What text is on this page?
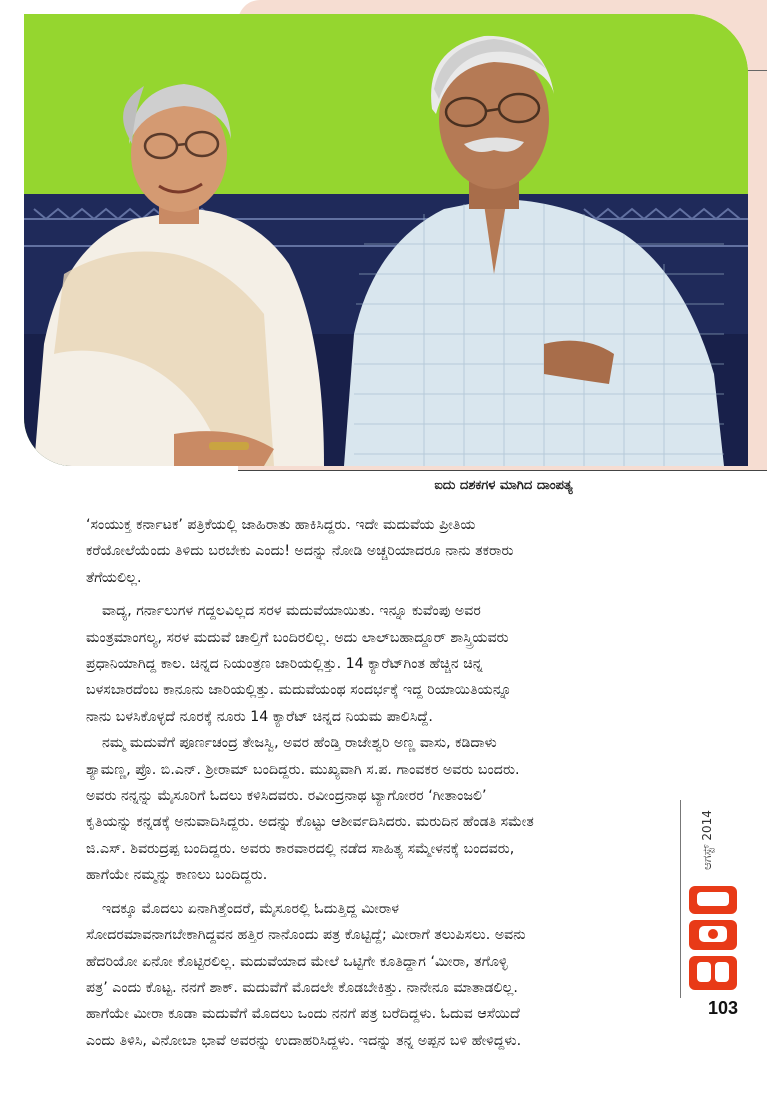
ಐದು ದಶಕಗಳ ಮಾಗಿದ ದಾಂಪತ್ಯ

‘ಸಂಯುಕ್ತ ಕರ್ನಾಟಕ’ ಪತ್ರಿಕೆಯಲ್ಲಿ ಜಾಹಿರಾತು ಹಾಕಿಸಿದ್ದರು. ಇದೇ ಮದುವೆಯ ಪ್ರೀತಿಯ

ಕರೆಯೋಲೆಯೆಂದು ತಿಳಿದು ಬರಬೇಕು ಎಂದು! ಅದನ್ನು ನೋಡಿ ಅಚ್ಚರಿಯಾದರೂ ನಾನು ತಕರಾರು

ತೆಗೆಯಲಿಲ್ಲ.

ವಾದ್ಯ, ಗರ್ನಾಲುಗಳ ಗದ್ದಲವಿಲ್ಲದ ಸರಳ ಮದುವೆಯಾಯಿತು. ಇನ್ನೂ ಕುವೆಂಪು ಅವರ

ಮಂತ್ರಮಾಂಗಲ್ಯ, ಸರಳ ಮದುವೆ ಚಾಲ್ತಿಗೆ ಬಂದಿರಲಿಲ್ಲ. ಅದು ಲಾಲ್‌ಬಹಾದ್ದೂರ್ ಶಾಸ್ತ್ರಿಯವರು

ಪ್ರಧಾನಿಯಾಗಿದ್ದ ಕಾಲ. ಚಿನ್ನದ ನಿಯಂತ್ರಣ ಜಾರಿಯಲ್ಲಿತ್ತು. 14 ಕ್ಯಾರೆಟ್‌ಗಿಂತ ಹೆಚ್ಚಿನ ಚಿನ್ನ

ಬಳಸಬಾರದೆಂಬ ಕಾನೂನು ಜಾರಿಯಲ್ಲಿತ್ತು. ಮದುವೆಯಂಥ ಸಂದರ್ಭಕ್ಕೆ ಇದ್ದ ರಿಯಾಯಿತಿಯನ್ನೂ

ನಾನು ಬಳಸಿಕೊಳ್ಳದೆ ನೂರಕ್ಕೆ ನೂರು 14 ಕ್ಯಾರೆಟ್ ಚಿನ್ನದ ನಿಯಮ ಪಾಲಿಸಿದ್ದೆ.

ನಮ್ಮ ಮದುವೆಗೆ ಪೂರ್ಣಚಂದ್ರ ತೇಜಸ್ವಿ, ಅವರ ಹೆಂಡ್ತಿ ರಾಜೇಶ್ವರಿ ಅಣ್ಣ ವಾಸು, ಕಡಿದಾಳು

ಶ್ಯಾಮಣ್ಣ, ಪ್ರೊ. ಬಿ.ಎನ್. ಶ್ರೀರಾಮ್ ಬಂದಿದ್ದರು. ಮುಖ್ಯವಾಗಿ ಸ.ಪ. ಗಾಂವಕರ ಅವರು ಬಂದರು.

ಅವರು ನನ್ನನ್ನು ಮೈಸೂರಿಗೆ ಓದಲು ಕಳಿಸಿದವರು. ರವೀಂದ್ರನಾಥ ಟ್ಯಾಗೋರರ ‘ಗೀತಾಂಜಲಿ’

ಕೃತಿಯನ್ನು ಕನ್ನಡಕ್ಕೆ ಅನುವಾದಿಸಿದ್ದರು. ಅದನ್ನು ಕೊಟ್ಟು ಆಶೀರ್ವದಿಸಿದರು. ಮರುದಿನ ಹೆಂಡತಿ ಸಮೇತ

ಜಿ.ಎಸ್. ಶಿವರುದ್ರಪ್ಪ ಬಂದಿದ್ದರು. ಅವರು ಕಾರವಾರದಲ್ಲಿ ನಡೆದ ಸಾಹಿತ್ಯ ಸಮ್ಮೇಳನಕ್ಕೆ ಬಂದವರು,

ಹಾಗೆಯೇ ನಮ್ಮನ್ನು ಕಾಣಲು ಬಂದಿದ್ದರು.

ಇದಕ್ಕೂ ಮೊದಲು ಏನಾಗಿತ್ತೆಂದರೆ, ಮೈಸೂರಲ್ಲಿ ಓದುತ್ತಿದ್ದ ಮೀರಾಳ

ಸೋದರಮಾವನಾಗಬೇಕಾಗಿದ್ದವನ ಹತ್ತಿರ ನಾನೊಂದು ಪತ್ರ ಕೊಟ್ಟಿದ್ದೆ; ಮೀರಾಗೆ ತಲುಪಿಸಲು. ಅವನು

ಹೆದರಿಯೋ ಏನೋ ಕೊಟ್ಟಿರಲಿಲ್ಲ. ಮದುವೆಯಾದ ಮೇಲೆ ಒಟ್ಟಿಗೇ ಕೂತಿದ್ದಾಗ ‘ಮೀರಾ, ತಗೊಳ್ಳಿ

ಪತ್ರ’ ಎಂದು ಕೊಟ್ಟ. ನನಗೆ ಶಾಕ್. ಮದುವೆಗೆ ಮೊದಲೇ ಕೊಡಬೇಕಿತ್ತು. ನಾನೇನೂ ಮಾತಾಡಲಿಲ್ಲ.

ಹಾಗೆಯೇ ಮೀರಾ ಕೂಡಾ ಮದುವೆಗೆ ಮೊದಲು ಒಂದು ನನಗೆ ಪತ್ರ ಬರೆದಿದ್ದಳು. ಓದುವ ಆಸೆಯಿದೆ

ಎಂದು ತಿಳಿಸಿ, ವಿನೋಬಾ ಭಾವೆ ಅವರನ್ನು ಉದಾಹರಿಸಿದ್ದಳು. ಇದನ್ನು ತನ್ನ ಅಪ್ಪನ ಬಳಿ ಹೇಳಿದ್ದಳು.

ಆಗಸ್ಟ್ 2014
103
